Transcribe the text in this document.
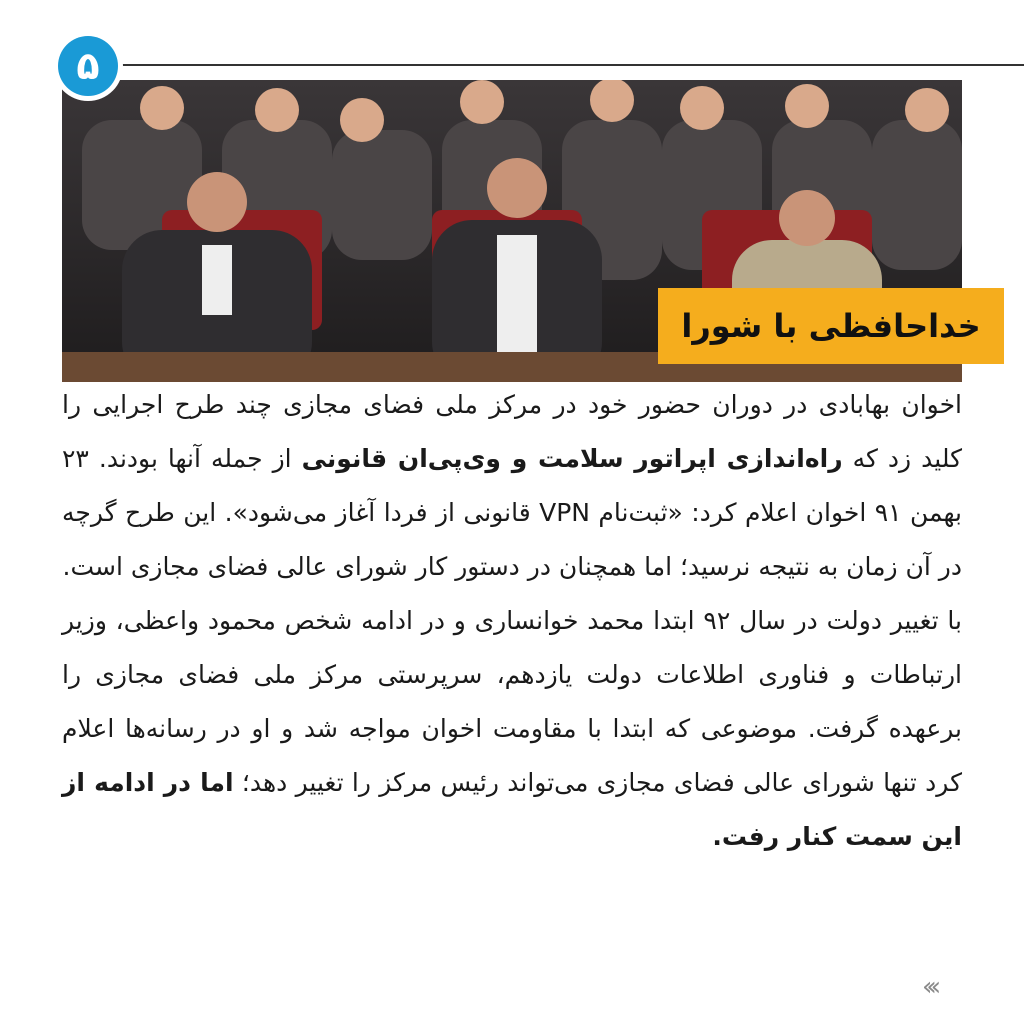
۵
خداحافظی با شورا

اخوان بهابادی در دوران حضور خود در مرکز ملی فضای مجازی چند طرح اجرایی را کلید زد که راه‌اندازی اپراتور سلامت و وی‌پی‌ان قانونی از جمله آنها بودند. ۲۳ بهمن ۹۱ اخوان اعلام کرد: «ثبت‌نام VPN قانونی از فردا آغاز می‌شود». این طرح گرچه در آن زمان به نتیجه نرسید؛ اما همچنان در دستور کار شورای عالی فضای مجازی است.

با تغییر دولت در سال ۹۲ ابتدا محمد خوانساری و در ادامه شخص محمود واعظی، وزیر ارتباطات و فناوری اطلاعات دولت یازدهم، سرپرستی مرکز ملی فضای مجازی را برعهده گرفت. موضوعی که ابتدا با مقاومت اخوان مواجه شد و او در رسانه‌ها اعلام کرد تنها شورای عالی فضای مجازی می‌تواند رئیس مرکز را تغییر دهد؛ اما در ادامه از این سمت کنار رفت.

‹‹‹
